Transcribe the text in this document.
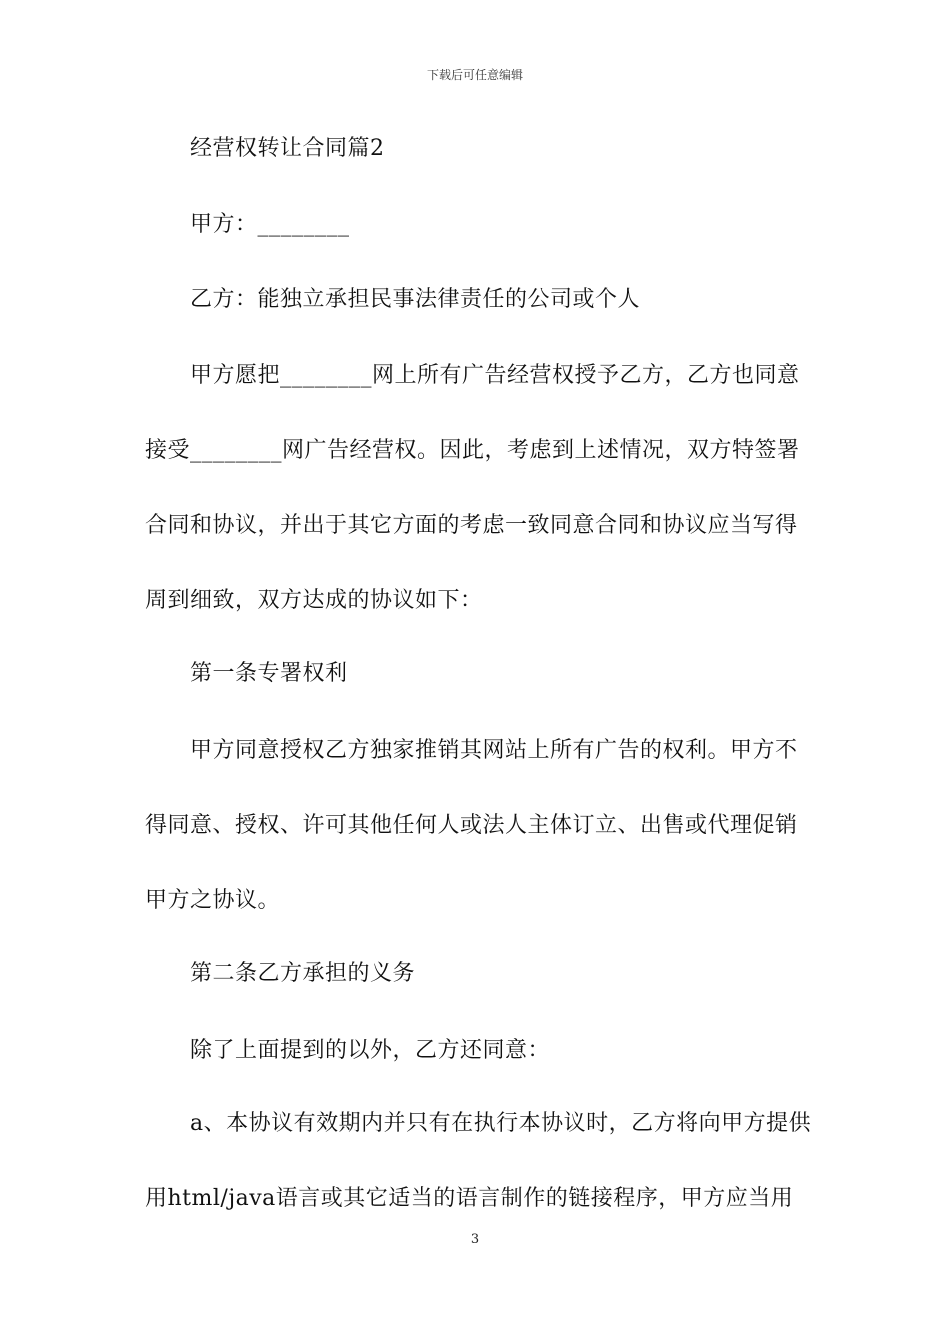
下载后可任意编辑
经营权转让合同篇2
甲方：________
乙方：能独立承担民事法律责任的公司或个人
甲方愿把________网上所有广告经营权授予乙方，乙方也同意
接受________网广告经营权。因此，考虑到上述情况，双方特签署
合同和协议，并出于其它方面的考虑一致同意合同和协议应当写得
周到细致，双方达成的协议如下：
第一条专署权利
甲方同意授权乙方独家推销其网站上所有广告的权利。甲方不
得同意、授权、许可其他任何人或法人主体订立、出售或代理促销
甲方之协议。
第二条乙方承担的义务
除了上面提到的以外，乙方还同意：
a、本协议有效期内并只有在执行本协议时，乙方将向甲方提供
用html/java语言或其它适当的语言制作的链接程序，甲方应当用
3
